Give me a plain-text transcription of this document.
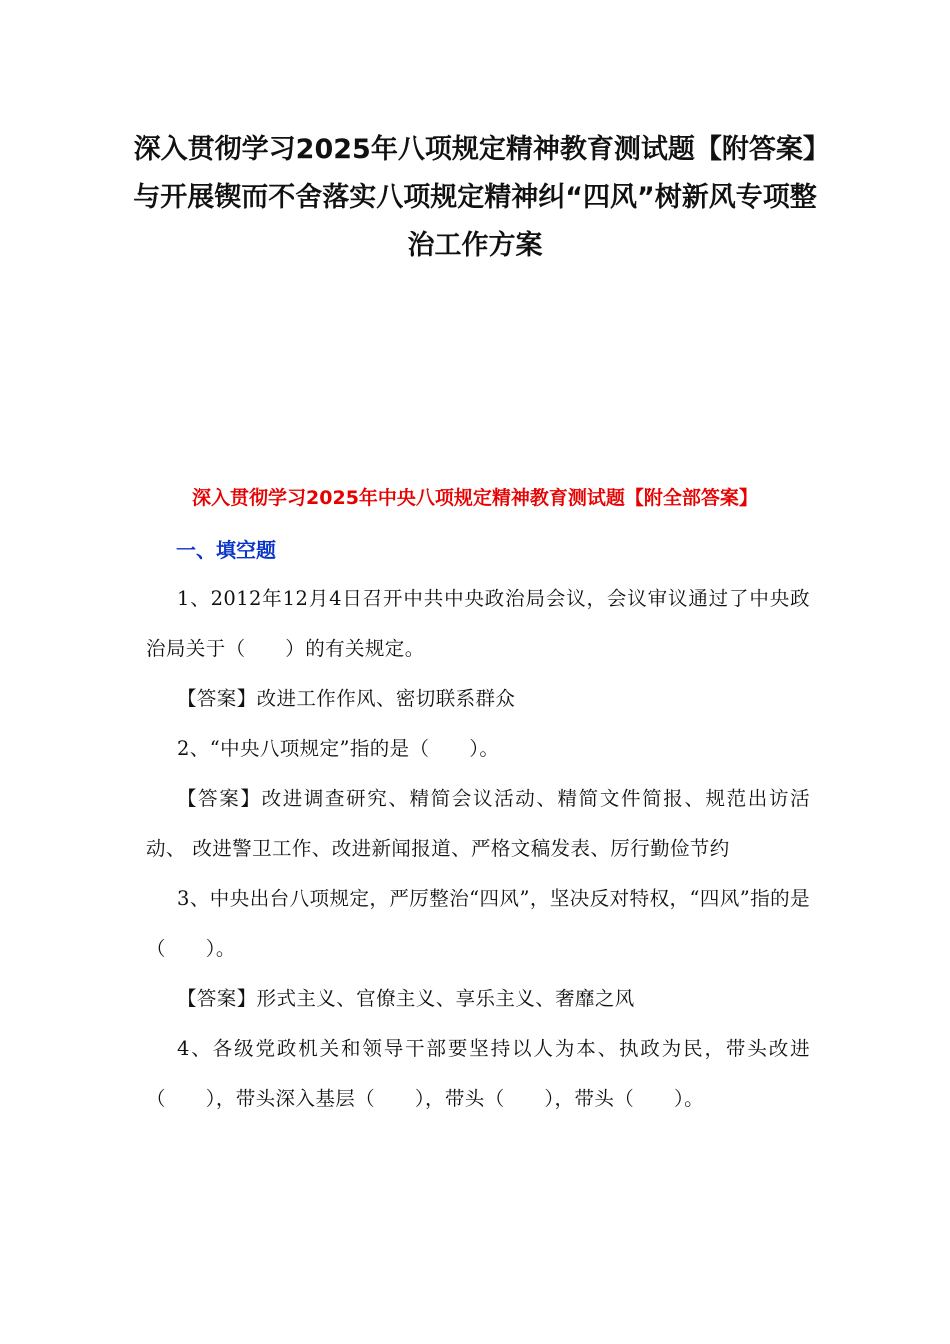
深入贯彻学习2025年八项规定精神教育测试题【附答案】与开展锲而不舍落实八项规定精神纠“四风”树新风专项整治工作方案
深入贯彻学习2025年中央八项规定精神教育测试题【附全部答案】
一、填空题

1、2012年12月4日召开中共中央政治局会议，会议审议通过了中央政治局关于（　　）的有关规定。

【答案】改进工作作风、密切联系群众

2、“中央八项规定”指的是（　　）。

【答案】改进调查研究、精简会议活动、精简文件简报、规范出访活动、 改进警卫工作、改进新闻报道、严格文稿发表、厉行勤俭节约

3、中央出台八项规定，严厉整治“四风”，坚决反对特权，“四风”指的是（　　）。

【答案】形式主义、官僚主义、享乐主义、奢靡之风

4、各级党政机关和领导干部要坚持以人为本、执政为民，带头改进（　　），带头深入基层（　　），带头（　　），带头（　　）。
